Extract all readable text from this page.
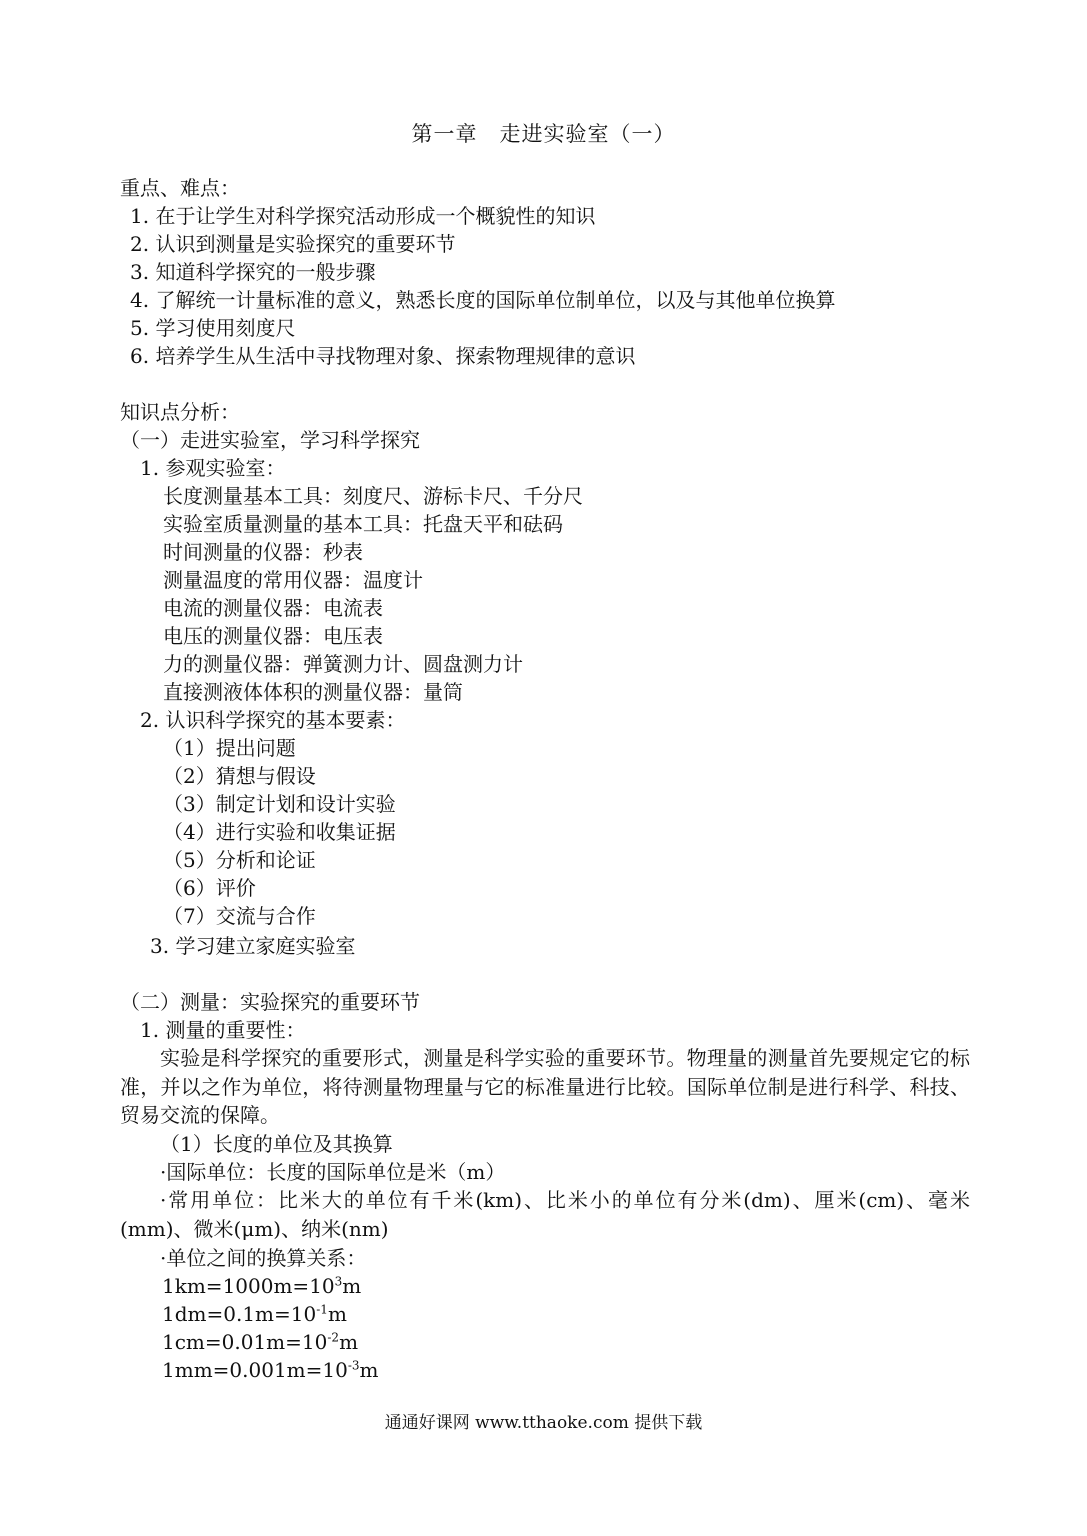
第一章　走进实验室（一）
重点、难点：
1. 在于让学生对科学探究活动形成一个概貌性的知识
2. 认识到测量是实验探究的重要环节
3. 知道科学探究的一般步骤
4. 了解统一计量标准的意义，熟悉长度的国际单位制单位，以及与其他单位换算
5. 学习使用刻度尺
6. 培养学生从生活中寻找物理对象、探索物理规律的意识
知识点分析：
（一）走进实验室，学习科学探究
1. 参观实验室：
长度测量基本工具：刻度尺、游标卡尺、千分尺
实验室质量测量的基本工具：托盘天平和砝码
时间测量的仪器：秒表
测量温度的常用仪器：温度计
电流的测量仪器：电流表
电压的测量仪器：电压表
力的测量仪器：弹簧测力计、圆盘测力计
直接测液体体积的测量仪器：量筒
2. 认识科学探究的基本要素：
（1）提出问题
（2）猜想与假设
（3）制定计划和设计实验
（4）进行实验和收集证据
（5）分析和论证
（6）评价
（7）交流与合作
3. 学习建立家庭实验室
（二）测量：实验探究的重要环节
1. 测量的重要性：
实验是科学探究的重要形式，测量是科学实验的重要环节。物理量的测量首先要规定它的标准，并以之作为单位，将待测量物理量与它的标准量进行比较。国际单位制是进行科学、科技、贸易交流的保障。
（1）长度的单位及其换算
·国际单位：长度的国际单位是米（m）
·常用单位：比米大的单位有千米(km)、比米小的单位有分米(dm)、厘米(cm)、毫米(mm)、微米(μm)、纳米(nm)
·单位之间的换算关系：
$1km=1000m=10^3m$
$1dm=0.1m=10^{-1}m$
$1cm=0.01m=10^{-2}m$
$1mm=0.001m=10^{-3}m$
通通好课网 www.tthaoke.com 提供下载
